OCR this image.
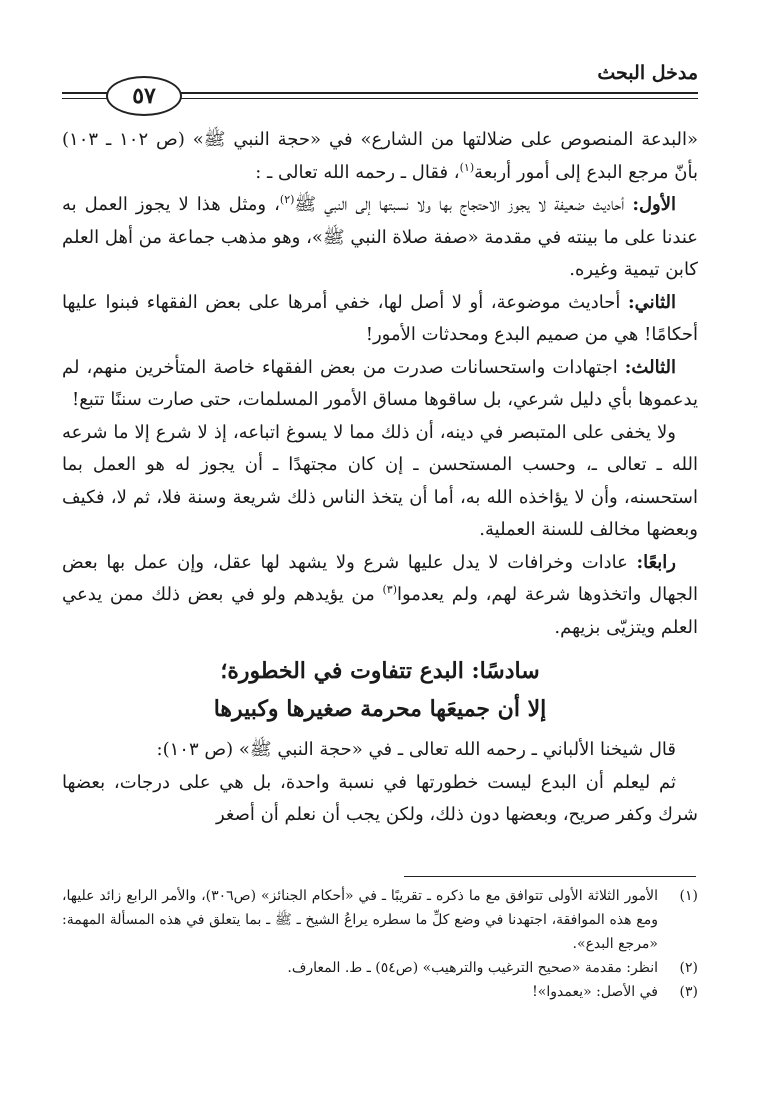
مدخل البحث
٥٧

«البدعة المنصوص على ضلالتها من الشارع» في «حجة النبي ﷺ» (ص ١٠٢ ـ ١٠٣) بأنّ مرجع البدع إلى أمور أربعة$^{(١)}$، فقال ـ رحمه الله تعالى ـ :

الأول: أحاديث ضعيفة لا يجوز الاحتجاج بها ولا نسبتها إلى النبي ﷺ$^{(٢)}$، ومثل هذا لا يجوز العمل به عندنا على ما بينته في مقدمة «صفة صلاة النبي ﷺ»، وهو مذهب جماعة من أهل العلم كابن تيمية وغيره.

الثاني: أحاديث موضوعة، أو لا أصل لها، خفي أمرها على بعض الفقهاء فبنوا عليها أحكامًا! هي من صميم البدع ومحدثات الأمور!

الثالث: اجتهادات واستحسانات صدرت من بعض الفقهاء خاصة المتأخرين منهم، لم يدعموها بأي دليل شرعي، بل ساقوها مساق الأمور المسلمات، حتى صارت سننًا تتبع!

ولا يخفى على المتبصر في دينه، أن ذلك مما لا يسوغ اتباعه، إذ لا شرع إلا ما شرعه الله ـ تعالى ـ، وحسب المستحسن ـ إن كان مجتهدًا ـ أن يجوز له هو العمل بما استحسنه، وأن لا يؤاخذه الله به، أما أن يتخذ الناس ذلك شريعة وسنة فلا، ثم لا، فكيف وبعضها مخالف للسنة العملية.

رابعًا: عادات وخرافات لا يدل عليها شرع ولا يشهد لها عقل، وإن عمل بها بعض الجهال واتخذوها شرعة لهم، ولم يعدموا$^{(٣)}$ من يؤيدهم ولو في بعض ذلك ممن يدعي العلم ويتزيّى بزيهم.

سادسًا: البدع تتفاوت في الخطورة؛
إلا أن جميعَها محرمة صغيرها وكبيرها

قال شيخنا الألباني ـ رحمه الله تعالى ـ في «حجة النبي ﷺ» (ص ١٠٣):

ثم ليعلم أن البدع ليست خطورتها في نسبة واحدة، بل هي على درجات، بعضها شرك وكفر صريح، وبعضها دون ذلك، ولكن يجب أن نعلم أن أصغر

(١)

الأمور الثلاثة الأولى تتوافق مع ما ذكره ـ تقريبًا ـ في «أحكام الجنائز» (ص٣٠٦)، والأمر الرابع زائد عليها، ومع هذه الموافقة، اجتهدنا في وضع كلِّ ما سطره يراعُ الشيخ ـ ﷺ ـ بما يتعلق في هذه المسألة المهمة: «مرجع البدع».

(٢)

انظر: مقدمة «صحيح الترغيب والترهيب» (ص٥٤) ـ ط. المعارف.

(٣)

في الأصل: «يعمدوا»!
